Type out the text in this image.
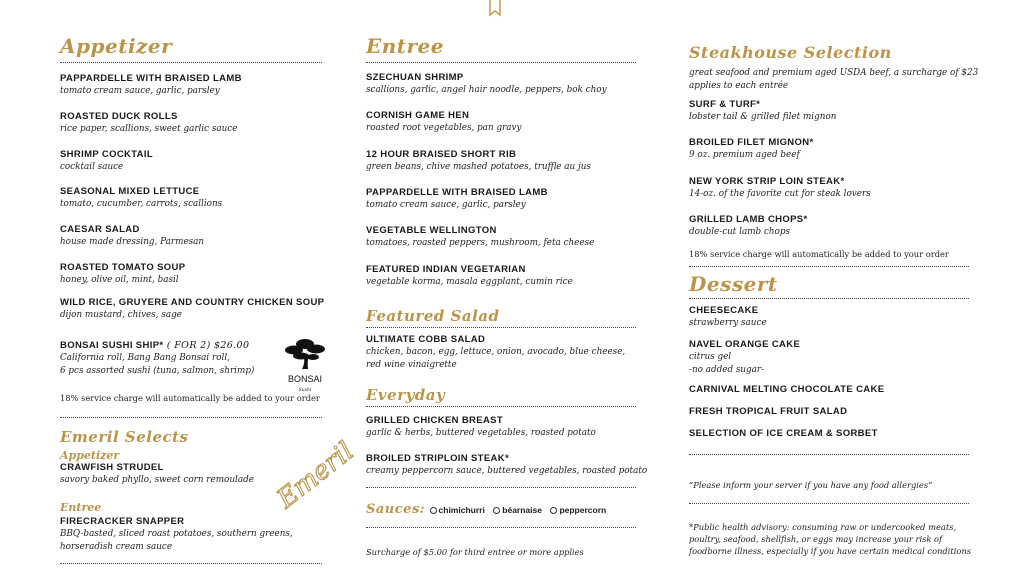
Appetizer
PAPPARDELLE WITH BRAISED LAMB
tomato cream sauce, garlic, parsley
ROASTED DUCK ROLLS
rice paper, scallions, sweet garlic sauce
SHRIMP COCKTAIL
cocktail sauce
SEASONAL MIXED LETTUCE
tomato, cucumber, carrots, scallions
CAESAR SALAD
house made dressing, Parmesan
ROASTED TOMATO SOUP
honey, olive oil, mint, basil
WILD RICE, GRUYERE AND COUNTRY CHICKEN SOUP
dijon mustard, chives, sage
BONSAI SUSHI SHIP* ( FOR 2) $26.00
California roll, Bang Bang Bonsai roll,
6 pcs assorted sushi (tuna, salmon, shrimp)
BONSAI
Sushi
18% service charge will automatically be added to your order
Emeril Selects
Appetizer
CRAWFISH STRUDEL
savory baked phyllo, sweet corn remoulade
Entree
FIRECRACKER SNAPPER
BBQ-basted, sliced roast potatoes, southern greens,
horseradish cream sauce
Emeril
Entree
SZECHUAN SHRIMP
scallions, garlic, angel hair noodle, peppers, bok choy
CORNISH GAME HEN
roasted root vegetables, pan gravy
12 HOUR BRAISED SHORT RIB
green beans, chive mashed potatoes, truffle au jus
PAPPARDELLE WITH BRAISED LAMB
tomato cream sauce, garlic, parsley
VEGETABLE WELLINGTON
tomatoes, roasted peppers, mushroom, feta cheese
FEATURED INDIAN VEGETARIAN
vegetable korma, masala eggplant, cumin rice
Featured Salad
ULTIMATE COBB SALAD
chicken, bacon, egg, lettuce, onion, avocado, blue cheese,
red wine vinaigrette
Everyday
GRILLED CHICKEN BREAST
garlic & herbs, buttered vegetables, roasted potato
BROILED STRIPLOIN STEAK*
creamy peppercorn sauce, buttered vegetables, roasted potato
Sauces: chimichurri béarnaise peppercorn
Surcharge of $5.00 for third entree or more applies
Steakhouse Selection
great seafood and premium aged USDA beef, a surcharge of $23
applies to each entrée
SURF & TURF*
lobster tail & grilled filet mignon
BROILED FILET MIGNON*
9 oz. premium aged beef
NEW YORK STRIP LOIN STEAK*
14-oz. of the favorite cut for steak lovers
GRILLED LAMB CHOPS*
double-cut lamb chops
18% service charge will automatically be added to your order
Dessert
CHEESECAKE
strawberry sauce
NAVEL ORANGE CAKE
citrus gel
-no added sugar-
CARNIVAL MELTING CHOCOLATE CAKE
FRESH TROPICAL FRUIT SALAD
SELECTION OF ICE CREAM & SORBET
“Please inform your server if you have any food allergies”
*Public health advisory: consuming raw or undercooked meats,
poultry, seafood, shellfish, or eggs may increase your risk of
foodborne illness, especially if you have certain medical conditions
